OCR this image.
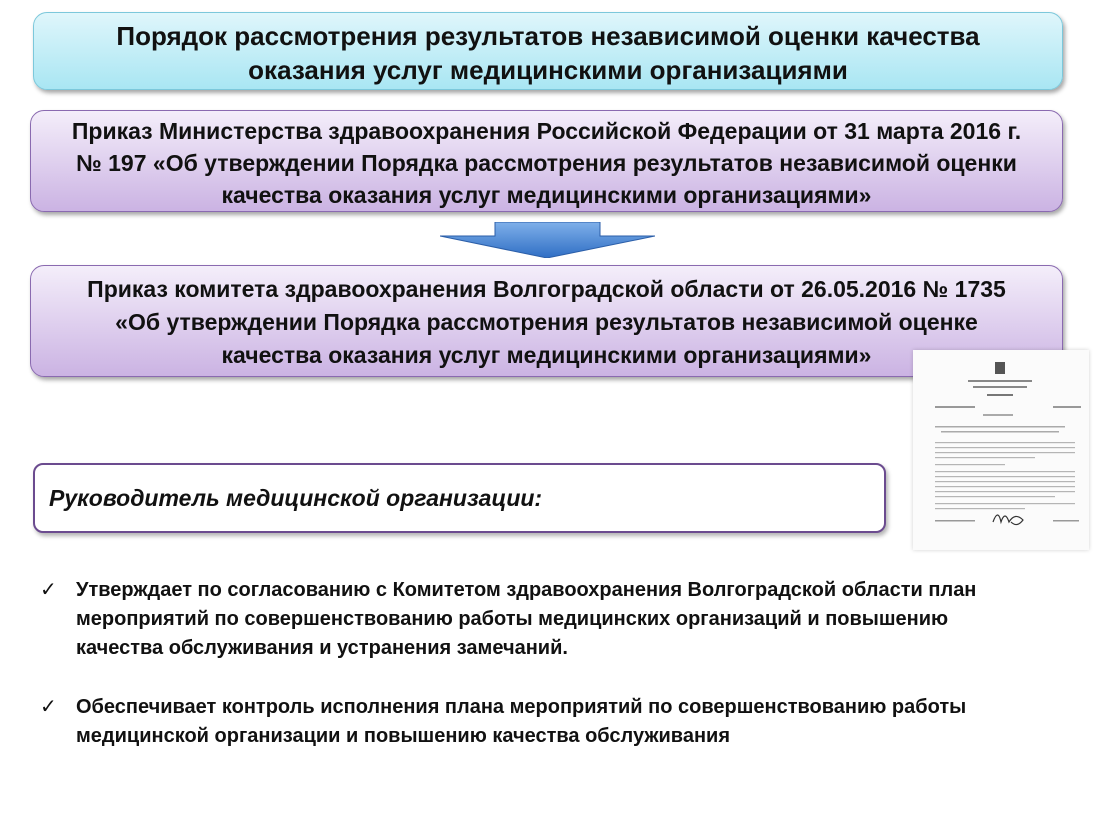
Порядок рассмотрения результатов независимой оценки качества
оказания услуг медицинскими организациями
Приказ Министерства здравоохранения Российской Федерации от 31 марта 2016 г.
№ 197 «Об утверждении Порядка рассмотрения результатов независимой оценки
качества оказания услуг медицинскими организациями»
Приказ комитета здравоохранения Волгоградской области от 26.05.2016 № 1735
«Об утверждении Порядка рассмотрения результатов независимой оценке
качества оказания услуг медицинскими организациями»
Руководитель медицинской организации:
✓ Утверждает по согласованию с Комитетом здравоохранения Волгоградской области план
мероприятий по совершенствованию работы медицинских организаций и повышению
качества обслуживания и устранения замечаний.
✓ Обеспечивает контроль исполнения плана мероприятий по совершенствованию работы
медицинской организации и повышению качества обслуживания
